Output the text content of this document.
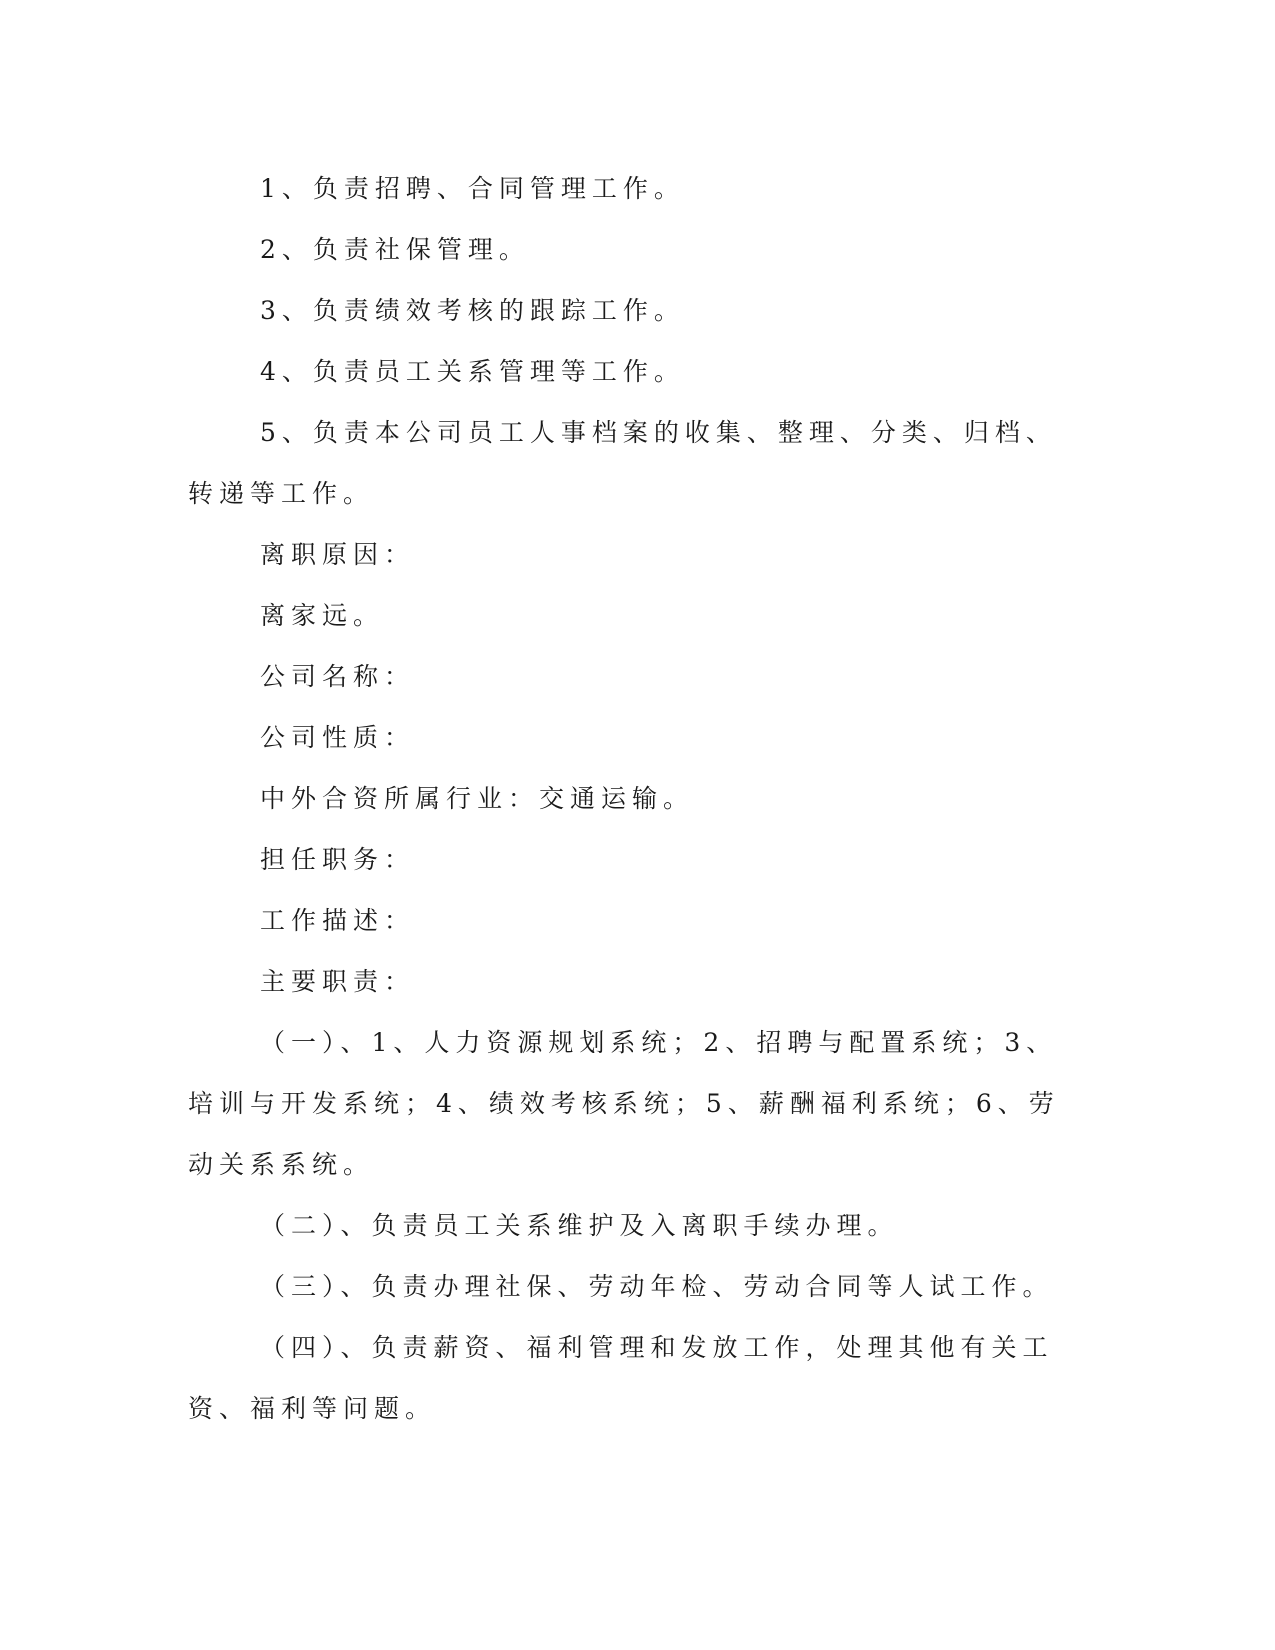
1、负责招聘、合同管理工作。

2、负责社保管理。

3、负责绩效考核的跟踪工作。

4、负责员工关系管理等工作。

5、负责本公司员工人事档案的收集、整理、分类、归档、转递等工作。

离职原因：

离家远。

公司名称：

公司性质：

中外合资所属行业：交通运输。

担任职务：

工作描述：

主要职责：

（一）、1、人力资源规划系统；2、招聘与配置系统；3、培训与开发系统；4、绩效考核系统；5、薪酬福利系统；6、劳动关系系统。

（二）、负责员工关系维护及入离职手续办理。

（三）、负责办理社保、劳动年检、劳动合同等人试工作。

（四）、负责薪资、福利管理和发放工作，处理其他有关工资、福利等问题。
